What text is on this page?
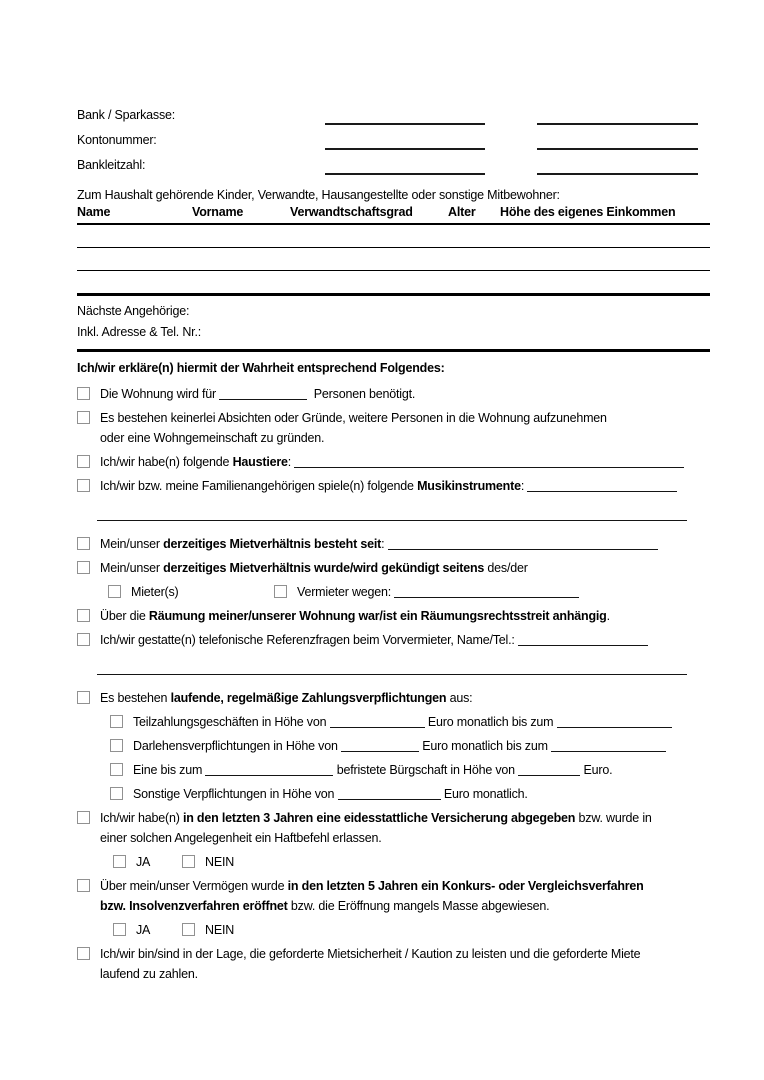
Bank / Sparkasse:
Kontonummer:
Bankleitzahl:
Zum Haushalt gehörende Kinder, Verwandte, Hausangestellte oder sonstige Mitbewohner:
Name	Vorname	Verwandtschaftsgrad	Alter	Höhe des eigenes Einkommen
Nächste Angehörige:
Inkl. Adresse & Tel. Nr.:
Ich/wir erkläre(n) hiermit der Wahrheit entsprechend Folgendes:
Die Wohnung wird für	Personen benötigt.
Es bestehen keinerlei Absichten oder Gründe, weitere Personen in die Wohnung aufzunehmen
oder eine Wohngemeinschaft zu gründen.
Ich/wir habe(n) folgende Haustiere:
Ich/wir bzw. meine Familienangehörigen spiele(n) folgende Musikinstrumente:
Mein/unser derzeitiges Mietverhältnis besteht seit:
Mein/unser derzeitiges Mietverhältnis wurde/wird gekündigt seitens des/der
Mieter(s)	Vermieter wegen:
Über die Räumung meiner/unserer Wohnung war/ist ein Räumungsrechtsstreit anhängig.
Ich/wir gestatte(n) telefonische Referenzfragen beim Vorvermieter, Name/Tel.:
Es bestehen laufende, regelmäßige Zahlungsverpflichtungen aus:
Teilzahlungsgeschäften in Höhe von	Euro monatlich bis zum
Darlehensverpflichtungen in Höhe von	Euro monatlich bis zum
Eine bis zum	befristete Bürgschaft in Höhe von	Euro.
Sonstige Verpflichtungen in Höhe von	Euro monatlich.
Ich/wir habe(n) in den letzten 3 Jahren eine eidesstattliche Versicherung abgegeben bzw. wurde in
einer solchen Angelegenheit ein Haftbefehl erlassen.
JA	NEIN
Über mein/unser Vermögen wurde in den letzten 5 Jahren ein Konkurs- oder Vergleichsverfahren
bzw. Insolvenzverfahren eröffnet bzw. die Eröffnung mangels Masse abgewiesen.
JA	NEIN
Ich/wir bin/sind in der Lage, die geforderte Mietsicherheit / Kaution zu leisten und die geforderte Miete
laufend zu zahlen.
